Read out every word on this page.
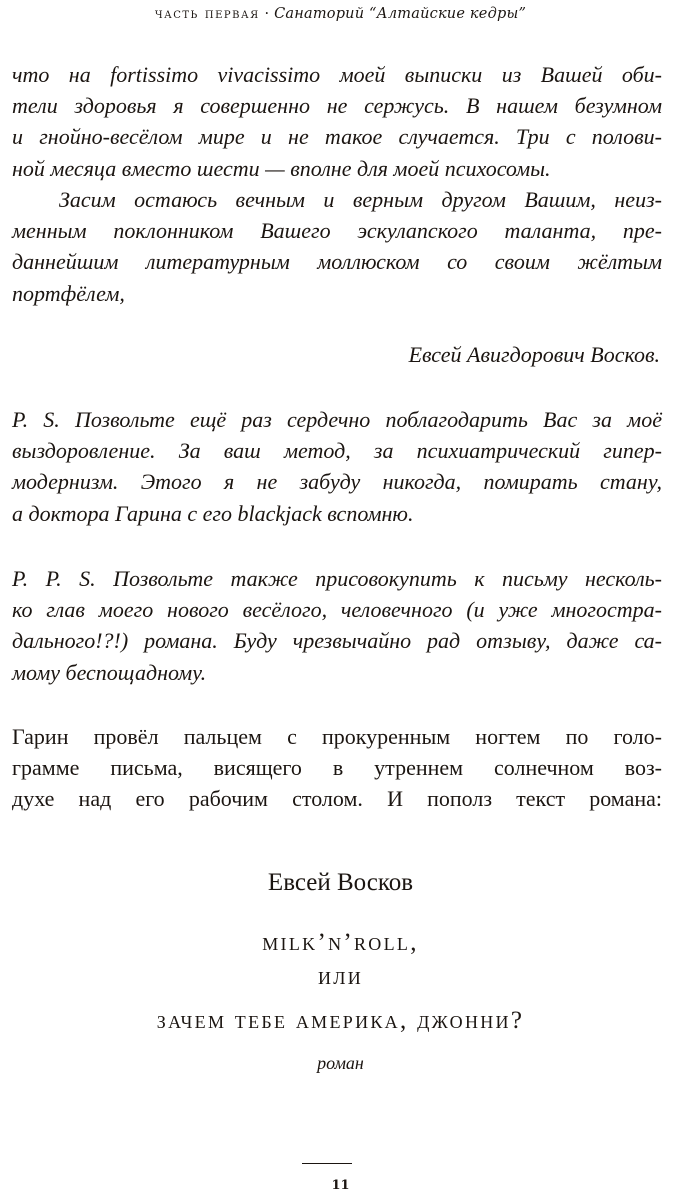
часть первая · Санаторий “Алтайские кедры”
что на fortissimo vivacissimo моей выписки из Вашей оби-
тели здоровья я совершенно не сержусь. В нашем безумном
и гнойно-весёлом мире и не такое случается. Три с полови-
ной месяца вместо шести — вполне для моей психосомы.
Засим остаюсь вечным и верным другом Вашим, неиз-
менным поклонником Вашего эскулапского таланта, пре-
даннейшим литературным моллюском со своим жёлтым
портфёлем,
Евсей Авигдорович Восков.
P. S. Позвольте ещё раз сердечно поблагодарить Вас за моё
выздоровление. За ваш метод, за психиатрический гипер-
модернизм. Этого я не забуду никогда, помирать стану,
а доктора Гарина с его blackjack вспомню.
P. P. S. Позвольте также присовокупить к письму несколь-
ко глав моего нового весёлого, человечного (и уже многостра-
дального!?!) романа. Буду чрезвычайно рад отзыву, даже са-
мому беспощадному.
Гарин провёл пальцем с прокуренным ногтем по голо-
грамме письма, висящего в утреннем солнечном воз-
духе над его рабочим столом. И пополз текст романа:
Евсей Восков
milk’n’roll,
или
зачем тебе америка, джонни?
роман
11
